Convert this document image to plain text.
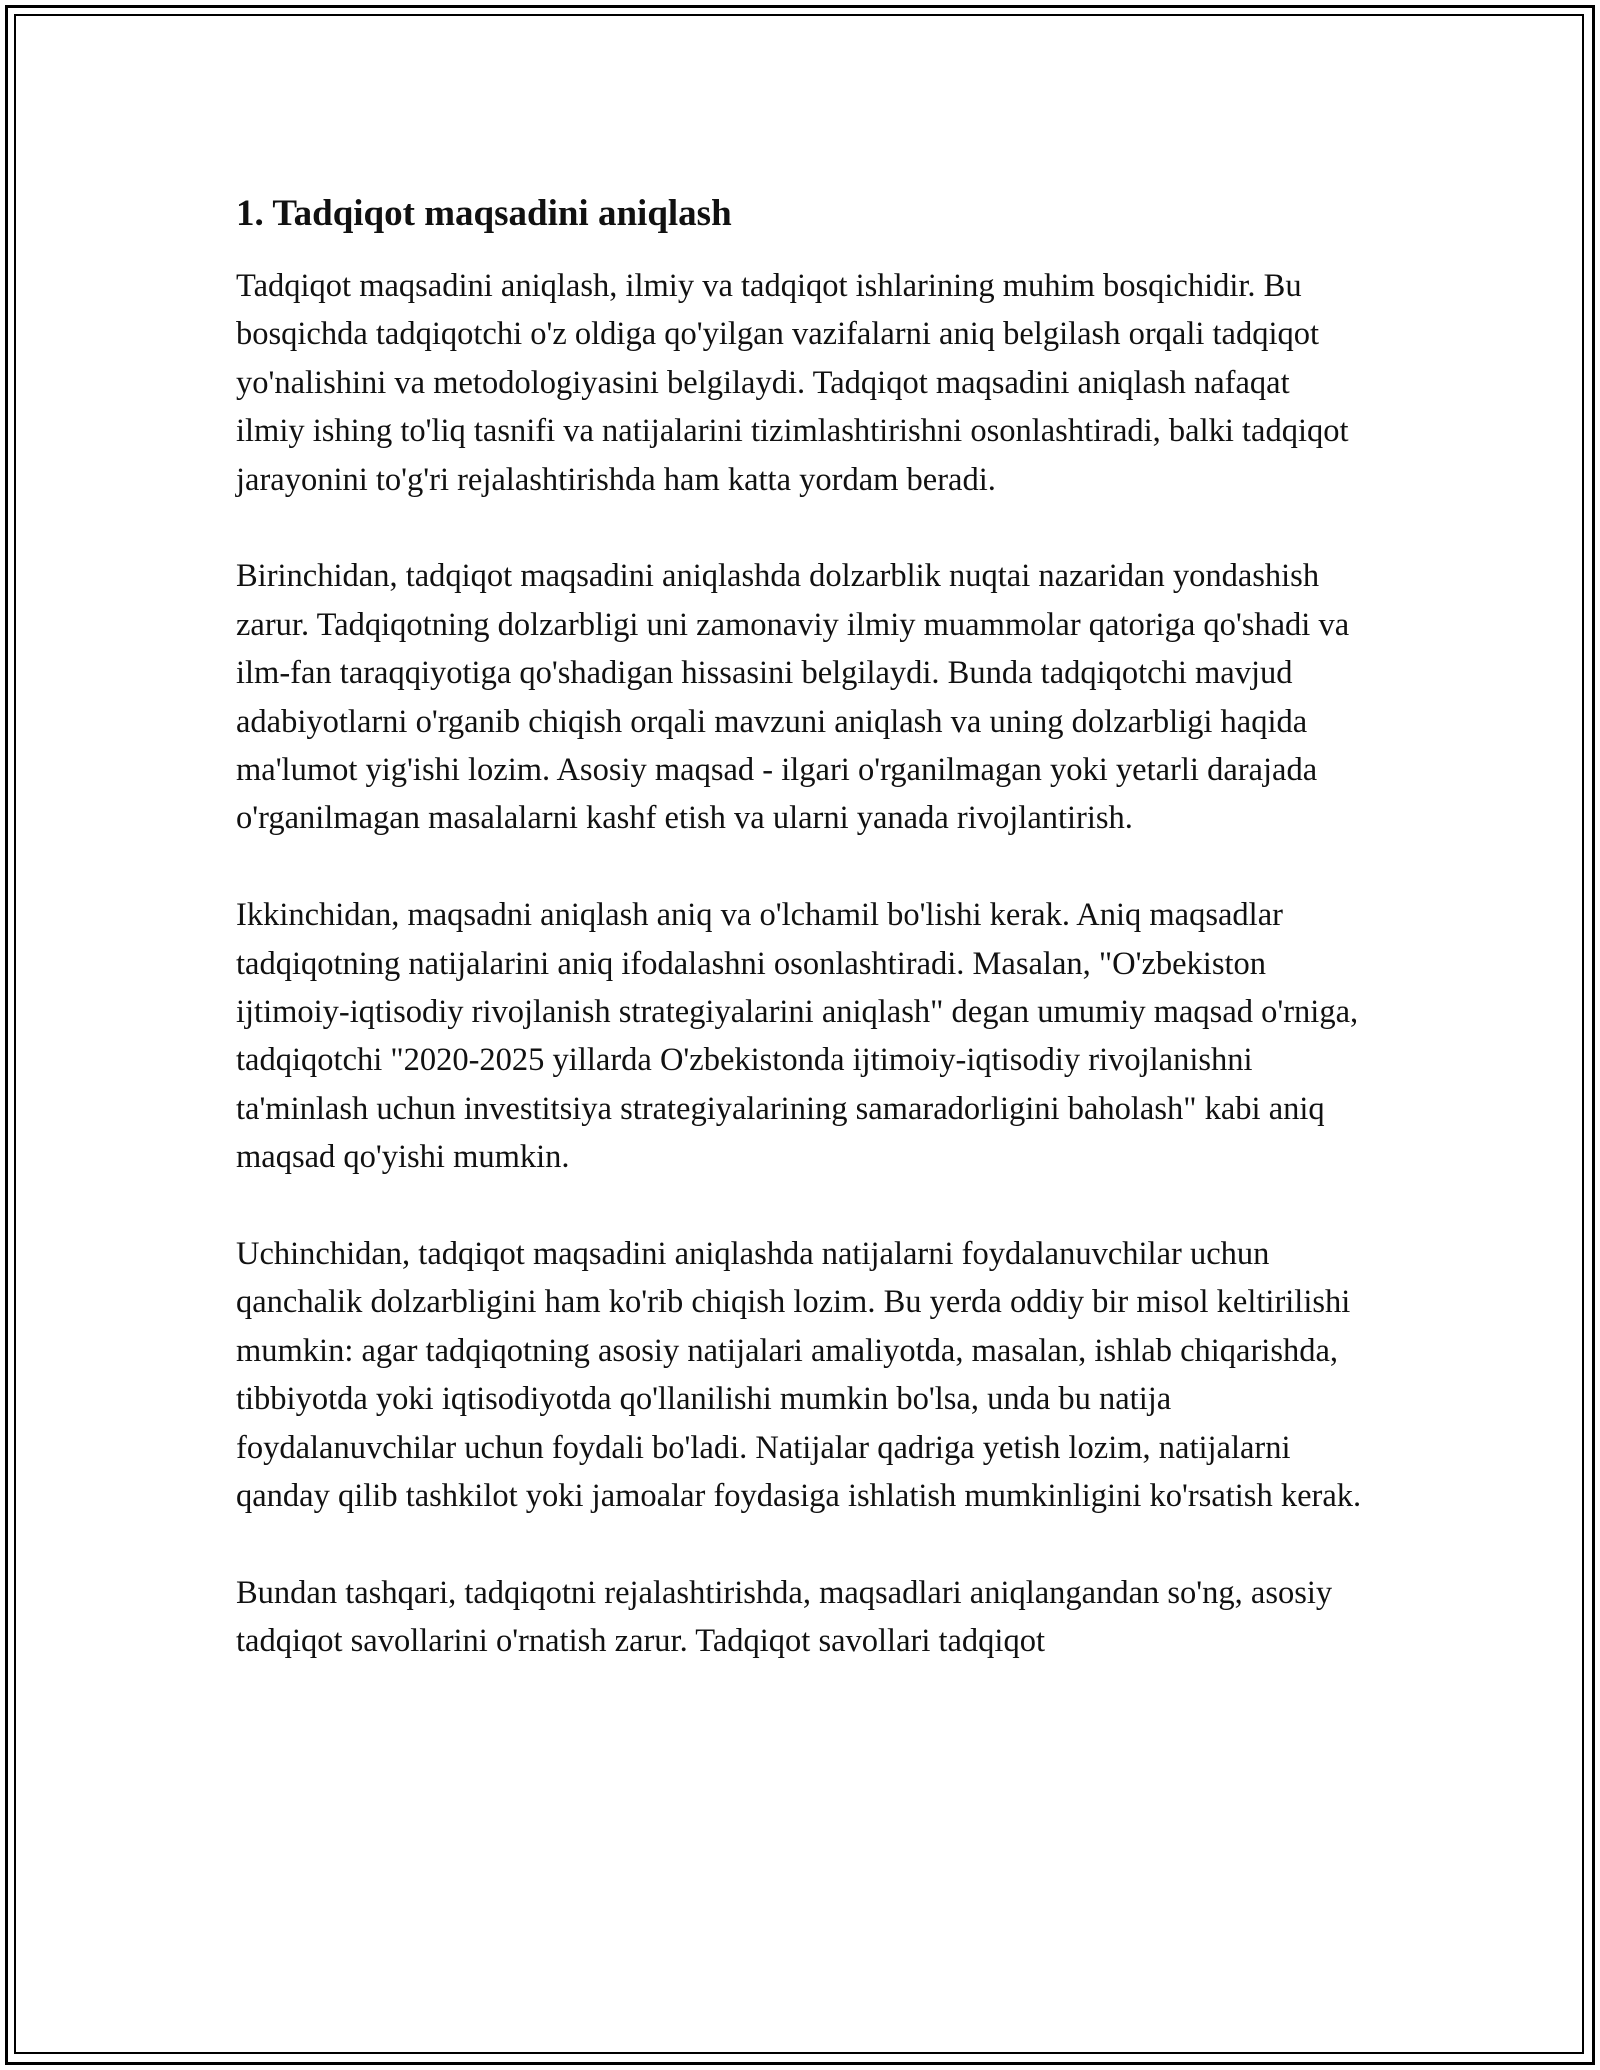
1. Tadqiqot maqsadini aniqlash

Tadqiqot maqsadini aniqlash, ilmiy va tadqiqot ishlarining muhim bosqichidir. Bu bosqichda tadqiqotchi o'z oldiga qo'yilgan vazifalarni aniq belgilash orqali tadqiqot yo'nalishini va metodologiyasini belgilaydi. Tadqiqot maqsadini aniqlash nafaqat ilmiy ishing to'liq tasnifi va natijalarini tizimlashtirishni osonlashtiradi, balki tadqiqot jarayonini to'g'ri rejalashtirishda ham katta yordam beradi.

Birinchidan, tadqiqot maqsadini aniqlashda dolzarblik nuqtai nazaridan yondashish zarur. Tadqiqotning dolzarbligi uni zamonaviy ilmiy muammolar qatoriga qo'shadi va ilm-fan taraqqiyotiga qo'shadigan hissasini belgilaydi. Bunda tadqiqotchi mavjud adabiyotlarni o'rganib chiqish orqali mavzuni aniqlash va uning dolzarbligi haqida ma'lumot yig'ishi lozim. Asosiy maqsad - ilgari o'rganilmagan yoki yetarli darajada o'rganilmagan masalalarni kashf etish va ularni yanada rivojlantirish.

Ikkinchidan, maqsadni aniqlash aniq va o'lchamil bo'lishi kerak. Aniq maqsadlar tadqiqotning natijalarini aniq ifodalashni osonlashtiradi. Masalan, "O'zbekiston ijtimoiy-iqtisodiy rivojlanish strategiyalarini aniqlash" degan umumiy maqsad o'rniga, tadqiqotchi "2020-2025 yillarda O'zbekistonda ijtimoiy-iqtisodiy rivojlanishni ta'minlash uchun investitsiya strategiyalarining samaradorligini baholash" kabi aniq maqsad qo'yishi mumkin.

Uchinchidan, tadqiqot maqsadini aniqlashda natijalarni foydalanuvchilar uchun qanchalik dolzarbligini ham ko'rib chiqish lozim. Bu yerda oddiy bir misol keltirilishi mumkin: agar tadqiqotning asosiy natijalari amaliyotda, masalan, ishlab chiqarishda, tibbiyotda yoki iqtisodiyotda qo'llanilishi mumkin bo'lsa, unda bu natija foydalanuvchilar uchun foydali bo'ladi. Natijalar qadriga yetish lozim, natijalarni qanday qilib tashkilot yoki jamoalar foydasiga ishlatish mumkinligini ko'rsatish kerak.

Bundan tashqari, tadqiqotni rejalashtirishda, maqsadlari aniqlangandan so'ng, asosiy tadqiqot savollarini o'rnatish zarur. Tadqiqot savollari tadqiqot
